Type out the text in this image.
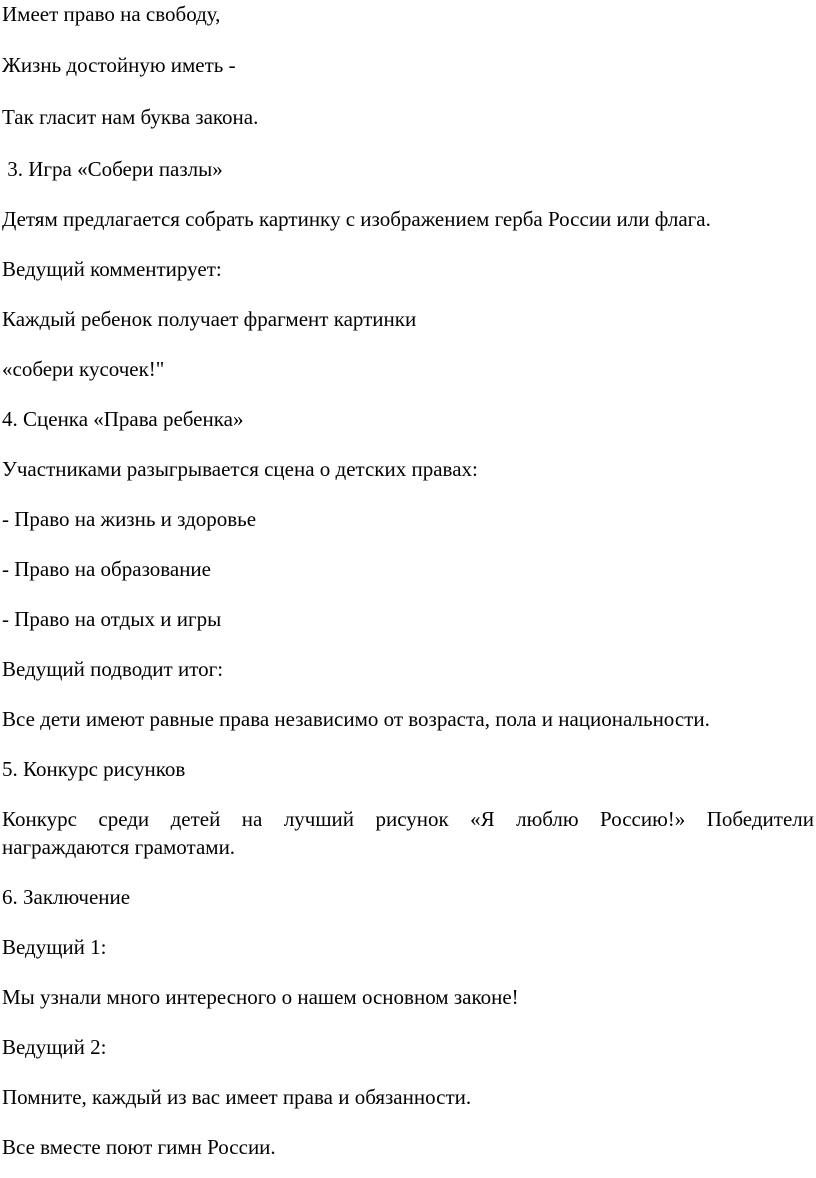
Имеет право на свободу,
Жизнь достойную иметь -
Так гласит нам буква закона.
3. Игра «Собери пазлы»
Детям предлагается собрать картинку с изображением герба России или флага.
Ведущий комментирует:
Каждый ребенок получает фрагмент картинки
«собери кусочек!"
4. Сценка «Права ребенка»
Участниками разыгрывается сцена о детских правах:
- Право на жизнь и здоровье
- Право на образование
- Право на отдых и игры
Ведущий подводит итог:
Все дети имеют равные права независимо от возраста, пола и национальности.
5. Конкурс рисунков
Конкурс среди детей на лучший рисунок «Я люблю Россию!» Победители
награждаются грамотами.
6. Заключение
Ведущий 1:
Мы узнали много интересного о нашем основном законе!
Ведущий 2:
Помните, каждый из вас имеет права и обязанности.
Все вместе поют гимн России.
